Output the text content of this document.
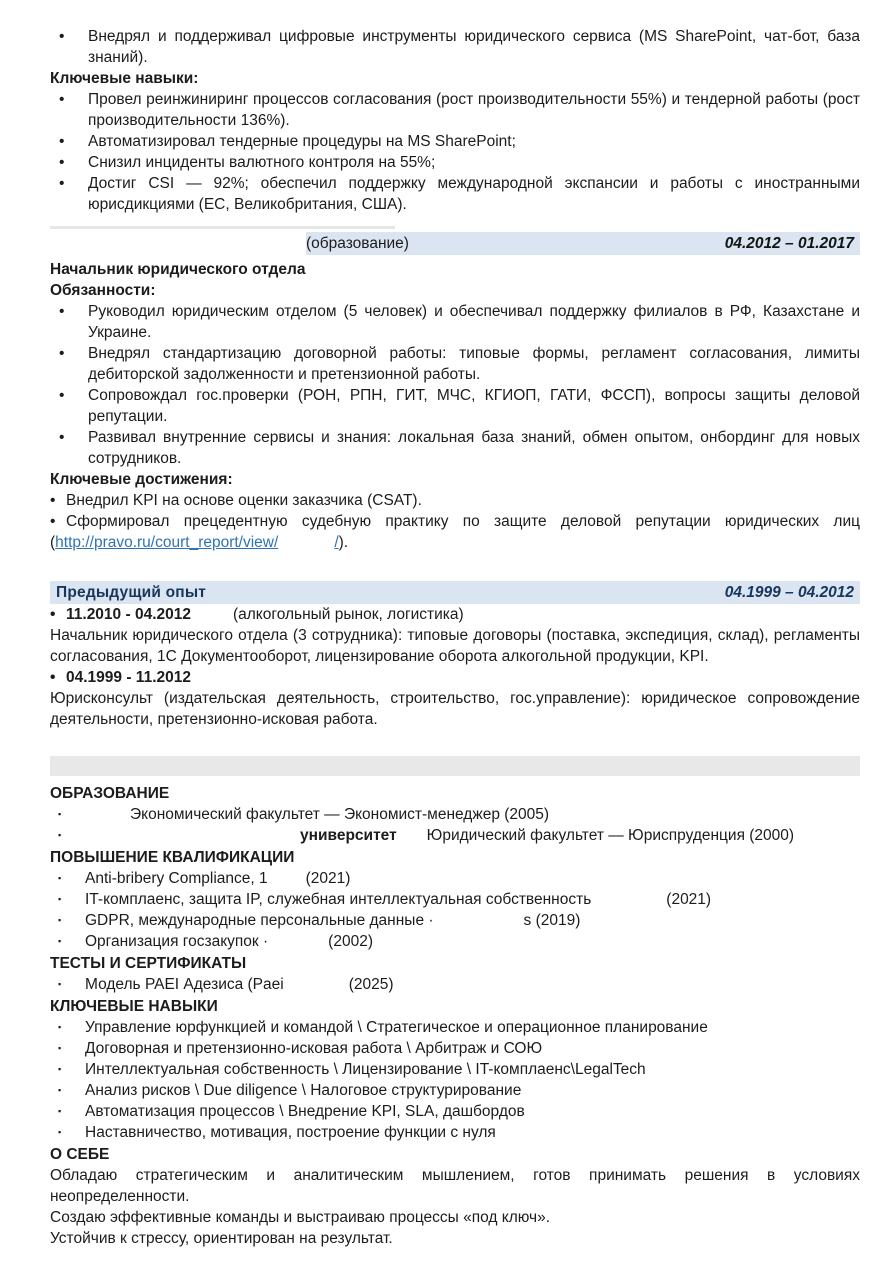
•	Внедрял и поддерживал цифровые инструменты юридического сервиса (MS SharePoint, чат-бот, база знаний).
Ключевые навыки:
•	Провел реинжиниринг процессов согласования (рост производительности 55%) и тендерной работы (рост производительности 136%).
•	Автоматизировал тендерные процедуры на MS SharePoint;
•	Снизил инциденты валютного контроля на 55%;
•	Достиг CSI — 92%; обеспечил поддержку международной экспансии и работы с иностранными юрисдикциями (ЕС, Великобритания, США).
(образование)	04.2012 – 01.2017
Начальник юридического отдела
Обязанности:
•	Руководил юридическим отделом (5 человек) и обеспечивал поддержку филиалов в РФ, Казахстане и Украине.
•	Внедрял стандартизацию договорной работы: типовые формы, регламент согласования, лимиты дебиторской задолженности и претензионной работы.
•	Сопровождал гос.проверки (РОН, РПН, ГИТ, МЧС, КГИОП, ГАТИ, ФССП), вопросы защиты деловой репутации.
•	Развивал внутренние сервисы и знания: локальная база знаний, обмен опытом, онбординг для новых сотрудников.
Ключевые достижения:
• Внедрил KPI на основе оценки заказчика (CSAT).
• Сформировал прецедентную судебную практику по защите деловой репутации юридических лиц (http://pravo.ru/court_report/view/	/).
Предыдущий опыт	04.1999 – 04.2012
• 11.2010 - 04.2012	(алкогольный рынок, логистика)
Начальник юридического отдела (3 сотрудника): типовые договоры (поставка, экспедиция, склад), регламенты согласования, 1С Документооборот, лицензирование оборота алкогольной продукции, KPI.
• 04.1999 - 11.2012
Юрисконсульт (издательская деятельность, строительство, гос.управление): юридическое сопровождение деятельности, претензионно-исковая работа.
ОБРАЗОВАНИЕ
▪	Экономический факультет — Экономист-менеджер (2005)
▪	университет Юридический факультет — Юриспруденция (2000)
ПОВЫШЕНИЕ КВАЛИФИКАЦИИ
▪	Anti-bribery Compliance, 1 (2021)
▪	IT-комплаенс, защита IP, служебная интеллектуальная собственность	(2021)
▪	GDPR, международные персональные данные ·	s (2019)
▪	Организация госзакупок ·	(2002)
ТЕСТЫ И СЕРТИФИКАТЫ
▪	Модель PAEI Адезиса (Paei	(2025)
КЛЮЧЕВЫЕ НАВЫКИ
▪	Управление юрфункцией и командой \ Стратегическое и операционное планирование
▪	Договорная и претензионно-исковая работа \ Арбитраж и СОЮ
▪	Интеллектуальная собственность \ Лицензирование \ IT-комплаенс\LegalTech
▪	Анализ рисков \ Due diligence \ Налоговое структурирование
▪	Автоматизация процессов \ Внедрение KPI, SLA, дашбордов
▪	Наставничество, мотивация, построение функции с нуля
О СЕБЕ
Обладаю стратегическим и аналитическим мышлением, готов принимать решения в условиях неопределенности.
Создаю эффективные команды и выстраиваю процессы «под ключ».
Устойчив к стрессу, ориентирован на результат.
